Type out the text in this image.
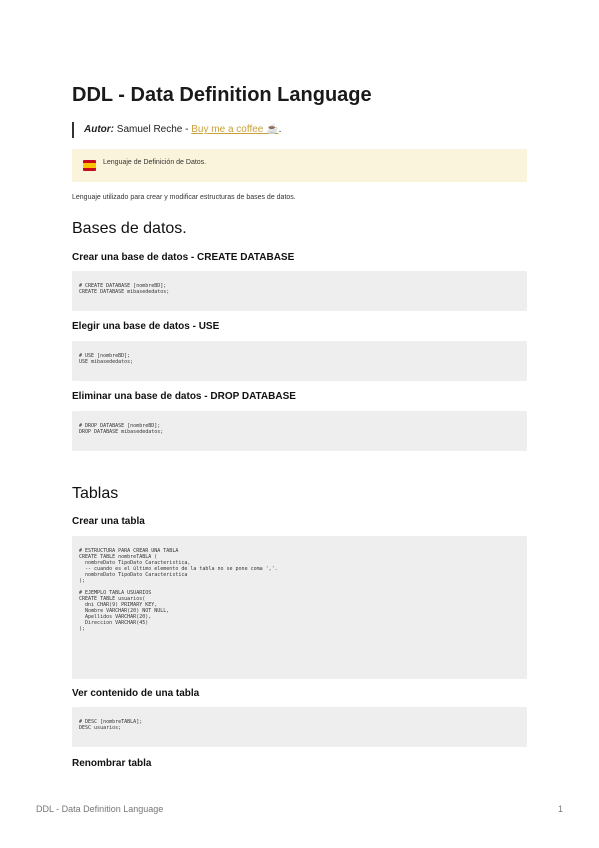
DDL - Data Definition Language
Autor: Samuel Reche - Buy me a coffee ☕.
Lenguaje de Definición de Datos.
Lenguaje utilizado para crear y modificar estructuras de bases de datos.
Bases de datos.
Crear una base de datos - CREATE DATABASE
# CREATE DATABASE [nombreBD];
CREATE DATABASE mibasededatos;
Elegir una base de datos - USE
# USE [nombreBD];
USE mibasededatos;
Eliminar una base de datos - DROP DATABASE
# DROP DATABASE [nombreBD];
DROP DATABASE mibasededatos;
Tablas
Crear una tabla
# ESTRUCTURA PARA CREAR UNA TABLA
CREATE TABLE nombreTABLA (
nombreDato TipoDato Caracteristica,
-- cuando es el último elemento de la tabla no se pone coma ','.
nombreDato TipoDato Caracteristica
);

# EJEMPLO TABLA USUARIOS
CREATE TABLE usuarios(
dni CHAR(9) PRIMARY KEY,
Nombre VARCHAR(20) NOT NULL,
Apellidos VARCHAR(20),
Direccion VARCHAR(45)
);
Ver contenido de una tabla
# DESC [nombreTABLA];
DESC usuarios;
Renombrar tabla
DDL - Data Definition Language	1
